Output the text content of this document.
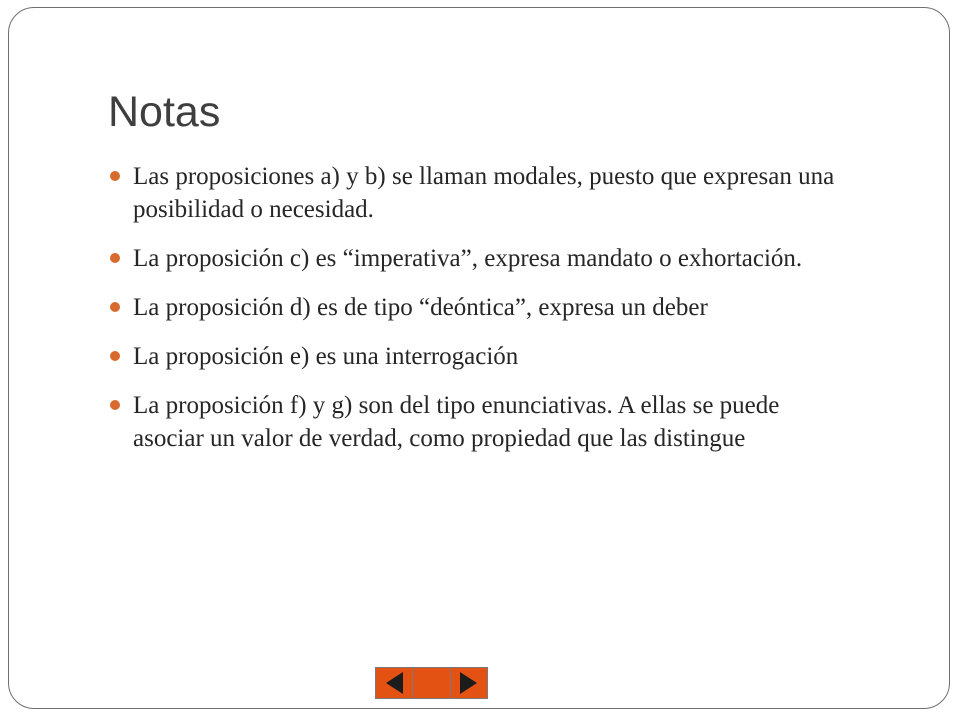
Notas
Las proposiciones a) y b) se llaman modales, puesto que expresan una posibilidad o necesidad.
La proposición c) es “imperativa”, expresa mandato o exhortación.
La proposición d) es de tipo “deóntica”, expresa un deber
La proposición e) es una interrogación
La proposición f) y g) son del tipo enunciativas. A ellas se puede asociar un valor de verdad, como propiedad que las distingue
